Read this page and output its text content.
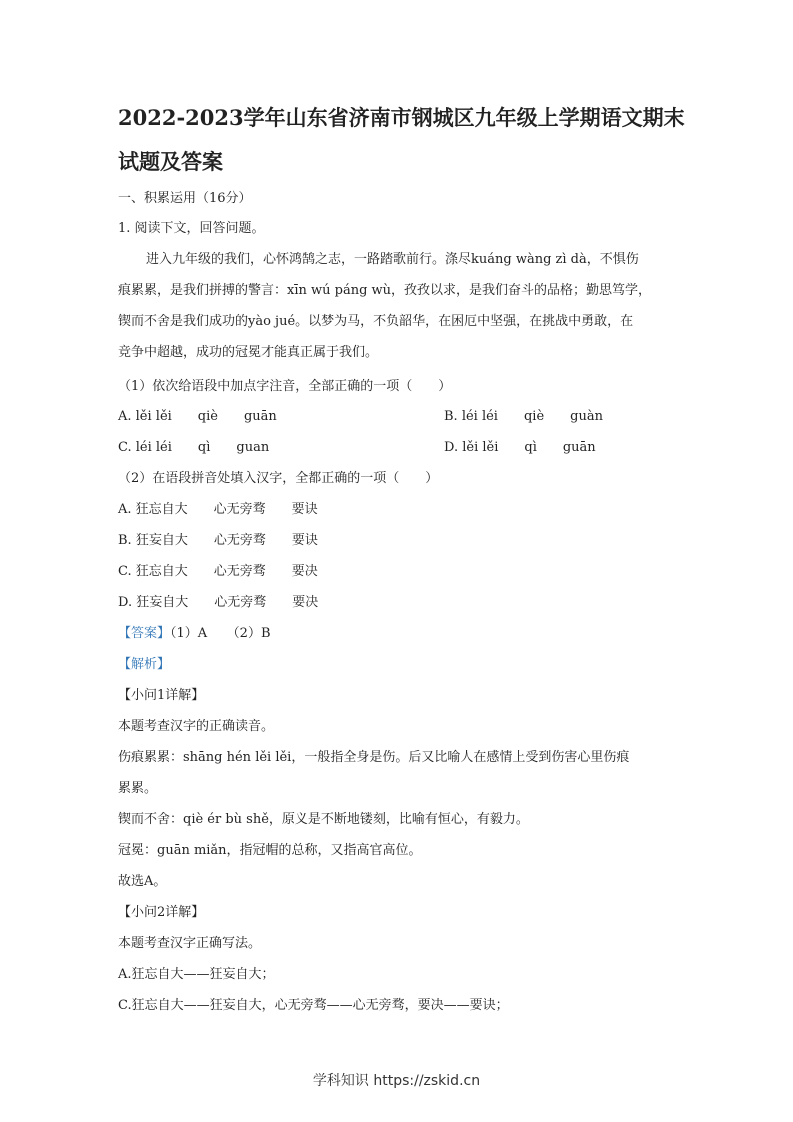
2022-2023学年山东省济南市钢城区九年级上学期语文期末试题及答案
一、积累运用（16分）
1. 阅读下文，回答问题。
进入九年级的我们，心怀鸿鹄之志，一路踏歌前行。涤尽kuáng wàng zì dà，不惧伤
痕累累，是我们拼搏的警言：xīn wú páng wù，孜孜以求，是我们奋斗的品格；勤思笃学，
锲而不舍是我们成功的yào jué。以梦为马，不负韶华，在困厄中坚强，在挑战中勇敢，在
竞争中超越，成功的冠冕才能真正属于我们。
（1）依次给语段中加点字注音，全部正确的一项（　　）
A. lěi lěi　　qiè　　guān	B. léi léi　　qiè　　guàn
C. léi léi　　qì　　guan	D. lěi lěi　　qì　　guān
（2）在语段拼音处填入汉字，全都正确的一项（　　）
A. 狂忘自大　　心无旁骛　　要诀
B. 狂妄自大　　心无旁骛　　要诀
C. 狂忘自大　　心无旁骛　　要决
D. 狂妄自大　　心无旁骛　　要决
【答案】（1）A　　（2）B
【解析】
【小问1详解】
本题考查汉字的正确读音。
伤痕累累：shāng hén lěi lěi，一般指全身是伤。后又比喻人在感情上受到伤害心里伤痕
累累。
锲而不舍：qiè ér bù shě，原义是不断地镂刻，比喻有恒心，有毅力。
冠冕：guān miǎn，指冠帽的总称，又指高官高位。
故选A。
【小问2详解】
本题考查汉字正确写法。
A.狂忘自大——狂妄自大；
C.狂忘自大——狂妄自大，心无旁骛——心无旁骛，要决——要诀；
学科知识 https://zskid.cn
